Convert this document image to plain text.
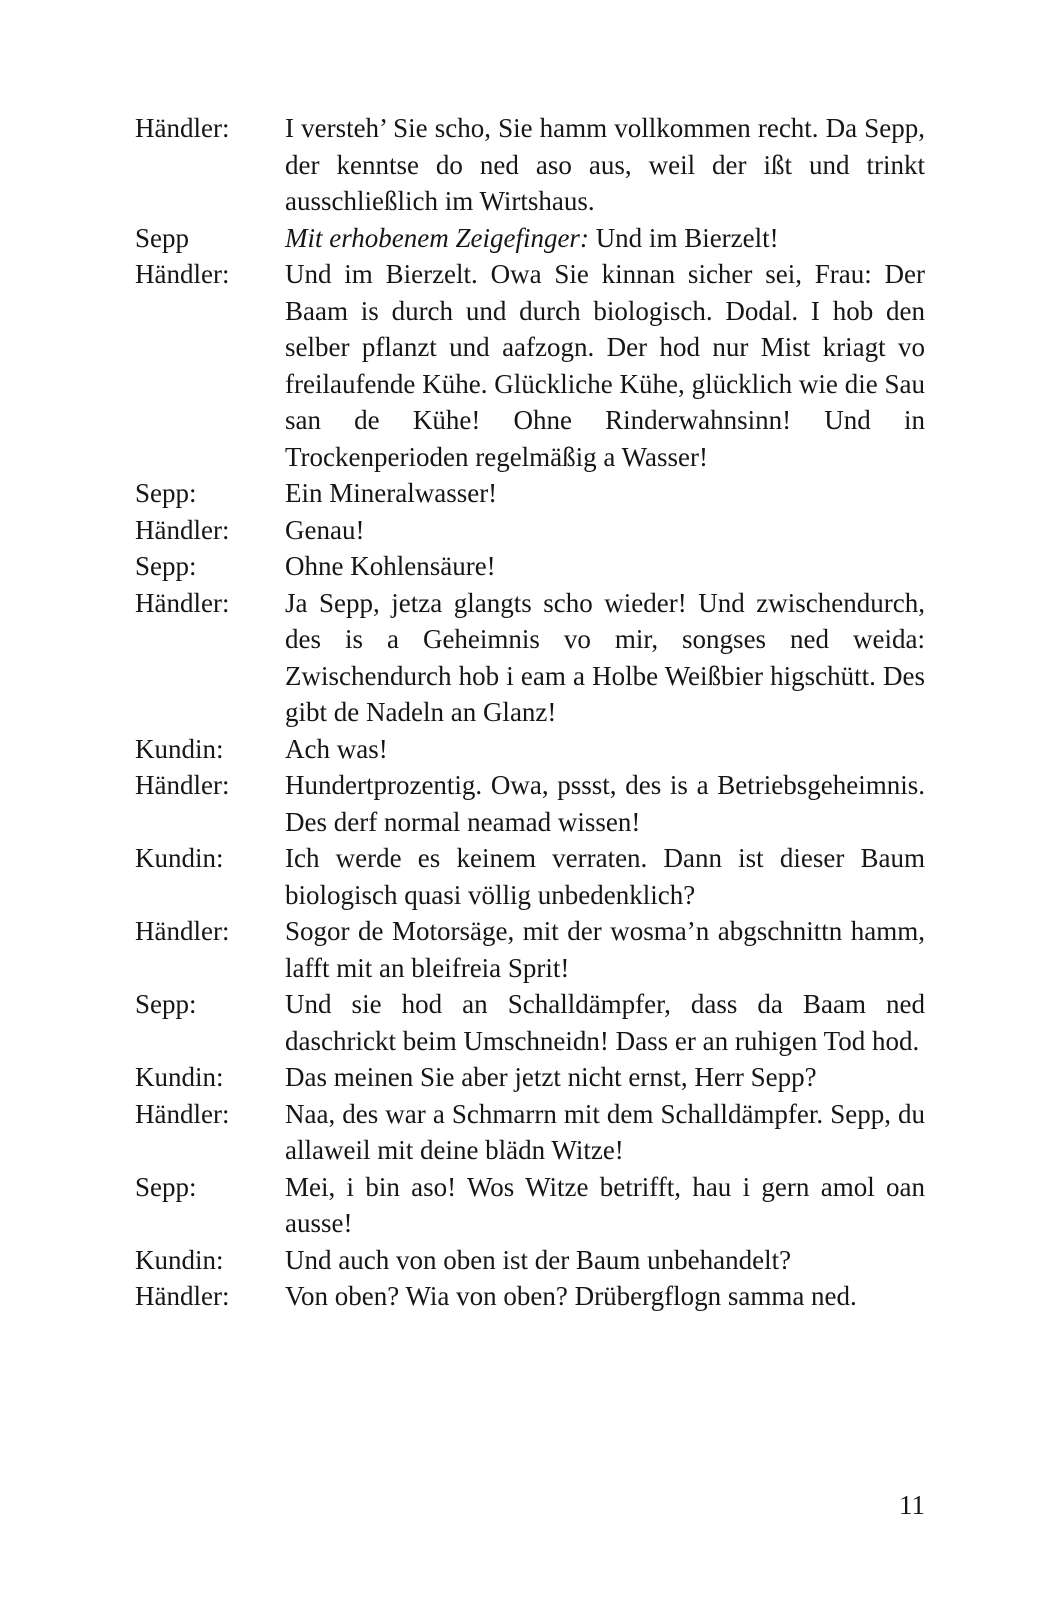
Händler:	I versteh’ Sie scho, Sie hamm vollkommen recht. Da Sepp, der kenntse do ned aso aus, weil der ißt und trinkt ausschließlich im Wirtshaus.
Sepp	Mit erhobenem Zeigefinger: Und im Bierzelt!
Händler:	Und im Bierzelt. Owa Sie kinnan sicher sei, Frau: Der Baam is durch und durch biologisch. Dodal. I hob den selber pflanzt und aafzogn. Der hod nur Mist kriagt vo freilaufende Kühe. Glückliche Kühe, glücklich wie die Sau san de Kühe! Ohne Rinderwahnsinn! Und in Trockenperioden regelmäßig a Wasser!
Sepp:	Ein Mineralwasser!
Händler:	Genau!
Sepp:	Ohne Kohlensäure!
Händler:	Ja Sepp, jetza glangts scho wieder! Und zwischendurch, des is a Geheimnis vo mir, songses ned weida: Zwischendurch hob i eam a Holbe Weißbier higschütt. Des gibt de Nadeln an Glanz!
Kundin:	Ach was!
Händler:	Hundertprozentig. Owa, pssst, des is a Betriebsgeheimnis. Des derf normal neamad wissen!
Kundin:	Ich werde es keinem verraten. Dann ist dieser Baum biologisch quasi völlig unbedenklich?
Händler:	Sogor de Motorsäge, mit der wosma’n abgschnittn hamm, lafft mit an bleifreia Sprit!
Sepp:	Und sie hod an Schalldämpfer, dass da Baam ned daschrickt beim Umschneidn! Dass er an ruhigen Tod hod.
Kundin:	Das meinen Sie aber jetzt nicht ernst, Herr Sepp?
Händler:	Naa, des war a Schmarrn mit dem Schalldämpfer. Sepp, du allaweil mit deine blädn Witze!
Sepp:	Mei, i bin aso! Wos Witze betrifft, hau i gern amol oan ausse!
Kundin:	Und auch von oben ist der Baum unbehandelt?
Händler:	Von oben? Wia von oben? Drübergflogn samma ned.
11
